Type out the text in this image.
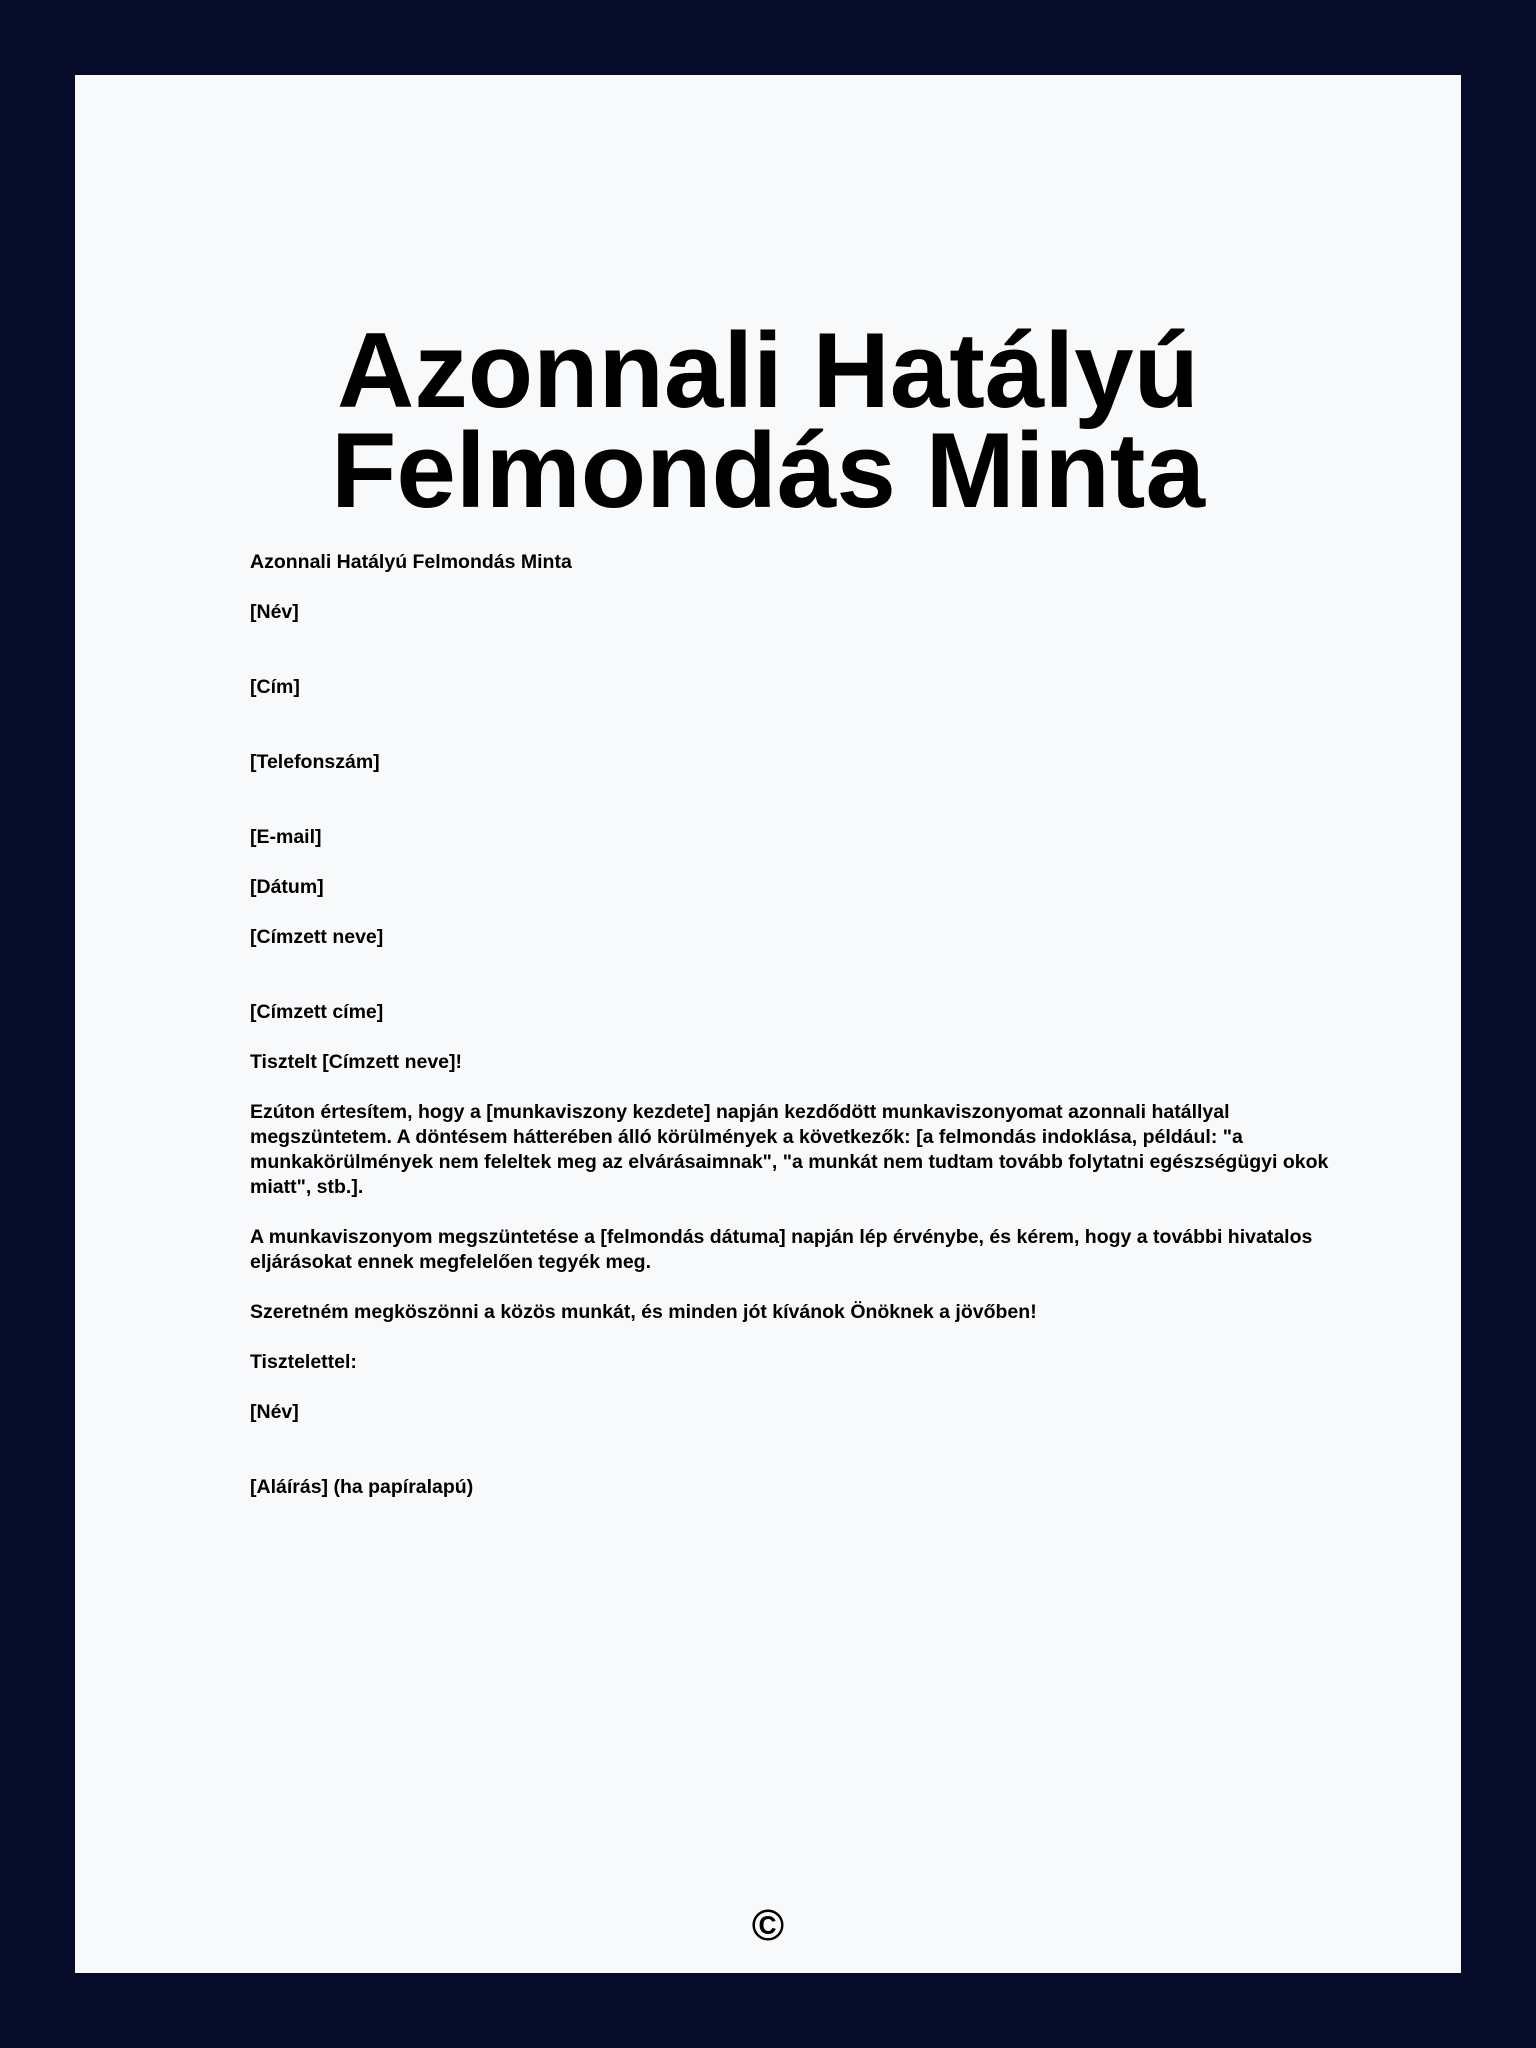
Azonnali Hatályú Felmondás Minta

Azonnali Hatályú Felmondás Minta

[Név]

[Cím]

[Telefonszám]

[E-mail]

[Dátum]

[Címzett neve]

[Címzett címe]

Tisztelt [Címzett neve]!

Ezúton értesítem, hogy a [munkaviszony kezdete] napján kezdődött munkaviszonyomat azonnali hatállyal megszüntetem. A döntésem hátterében álló körülmények a következők: [a felmondás indoklása, például: "a munkakörülmények nem feleltek meg az elvárásaimnak", "a munkát nem tudtam tovább folytatni egészségügyi okok miatt", stb.].

A munkaviszonyom megszüntetése a [felmondás dátuma] napján lép érvénybe, és kérem, hogy a további hivatalos eljárásokat ennek megfelelően tegyék meg.

Szeretném megköszönni a közös munkát, és minden jót kívánok Önöknek a jövőben!

Tisztelettel:

[Név]

[Aláírás] (ha papíralapú)

©
